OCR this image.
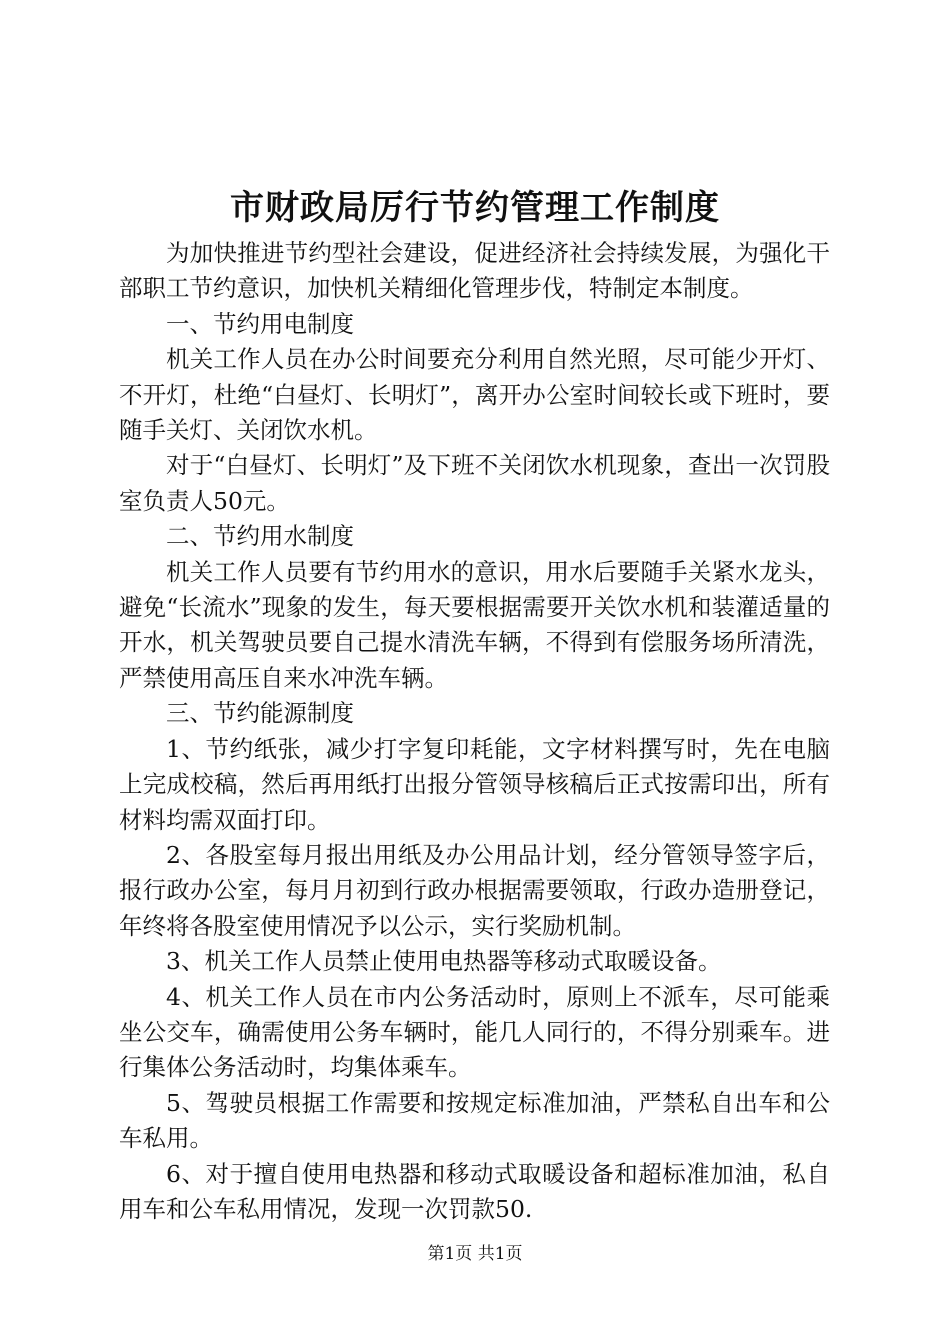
市财政局厉行节约管理工作制度

为加快推进节约型社会建设，促进经济社会持续发展，为强化干部职工节约意识，加快机关精细化管理步伐，特制定本制度。

一、节约用电制度

机关工作人员在办公时间要充分利用自然光照，尽可能少开灯、不开灯，杜绝“白昼灯、长明灯”，离开办公室时间较长或下班时，要随手关灯、关闭饮水机。

对于“白昼灯、长明灯”及下班不关闭饮水机现象，查出一次罚股室负责人50元。

二、节约用水制度

机关工作人员要有节约用水的意识，用水后要随手关紧水龙头，避免“长流水”现象的发生，每天要根据需要开关饮水机和装灌适量的开水，机关驾驶员要自己提水清洗车辆，不得到有偿服务场所清洗，严禁使用高压自来水冲洗车辆。

三、节约能源制度

1、节约纸张，减少打字复印耗能，文字材料撰写时，先在电脑上完成校稿，然后再用纸打出报分管领导核稿后正式按需印出，所有材料均需双面打印。

2、各股室每月报出用纸及办公用品计划，经分管领导签字后，报行政办公室，每月月初到行政办根据需要领取，行政办造册登记，年终将各股室使用情况予以公示，实行奖励机制。

3、机关工作人员禁止使用电热器等移动式取暖设备。

4、机关工作人员在市内公务活动时，原则上不派车，尽可能乘坐公交车，确需使用公务车辆时，能几人同行的，不得分别乘车。进行集体公务活动时，均集体乘车。

5、驾驶员根据工作需要和按规定标准加油，严禁私自出车和公车私用。

6、对于擅自使用电热器和移动式取暖设备和超标准加油，私自用车和公车私用情况，发现一次罚款50.

第1页 共1页
